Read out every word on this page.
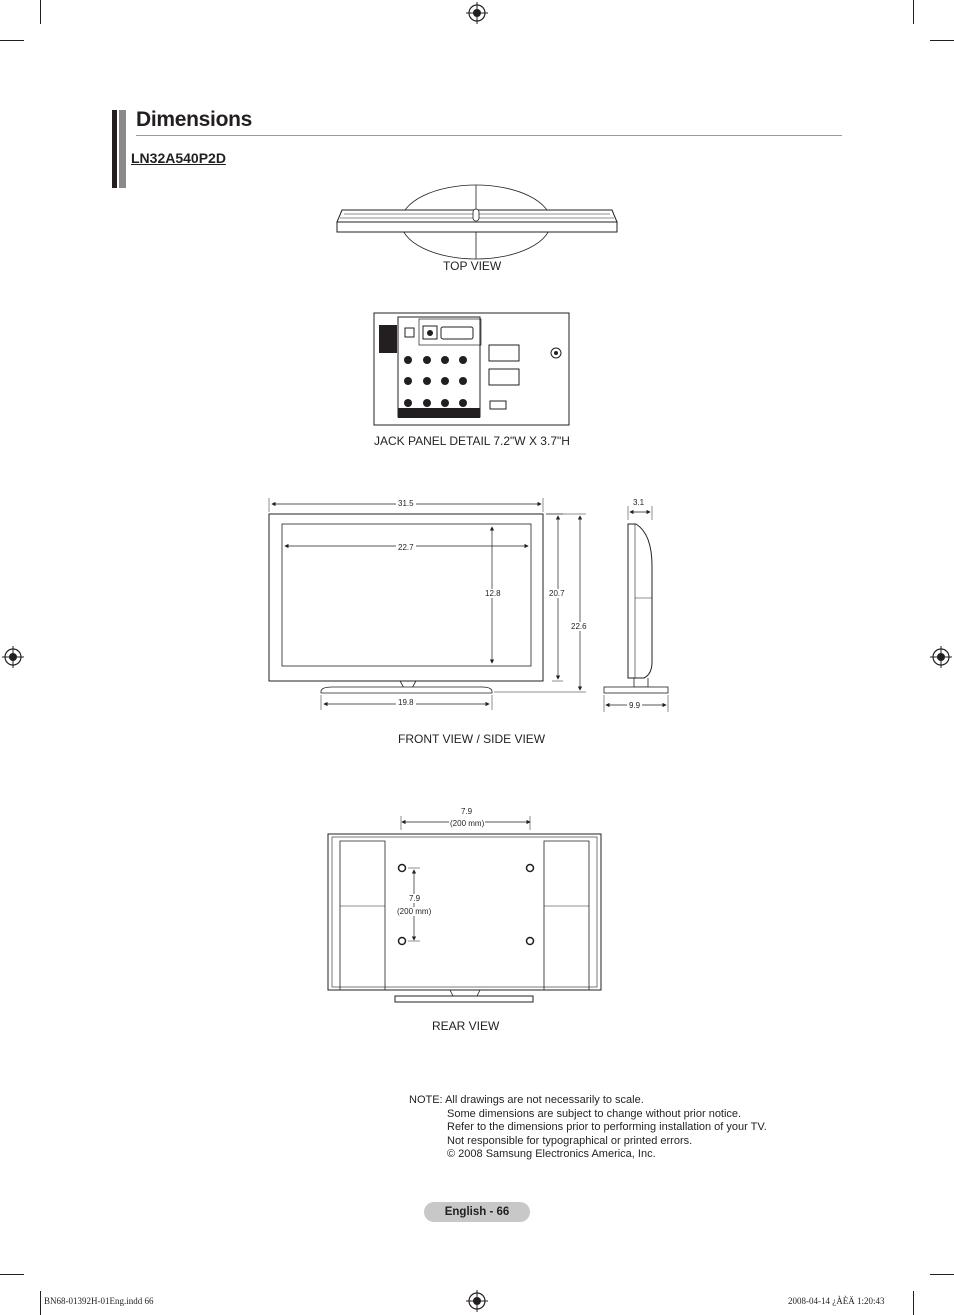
Dimensions
LN32A540P2D
TOP VIEW
JACK PANEL DETAIL 7.2"W X 3.7"H
31.5
22.7
12.8	20.7
22.6
19.8
3.1
9.9
FRONT VIEW / SIDE VIEW
7.9
(200 mm)
7.9
(200 mm)
REAR VIEW
NOTE: All drawings are not necessarily to scale.
Some dimensions are subject to change without prior notice.
Refer to the dimensions prior to performing installation of your TV.
Not responsible for typographical or printed errors.
© 2008 Samsung Electronics America, Inc.
English - 66
BN68-01392H-01Eng.indd 66	2008-04-14 ¿ÀÈÄ 1:20:43
